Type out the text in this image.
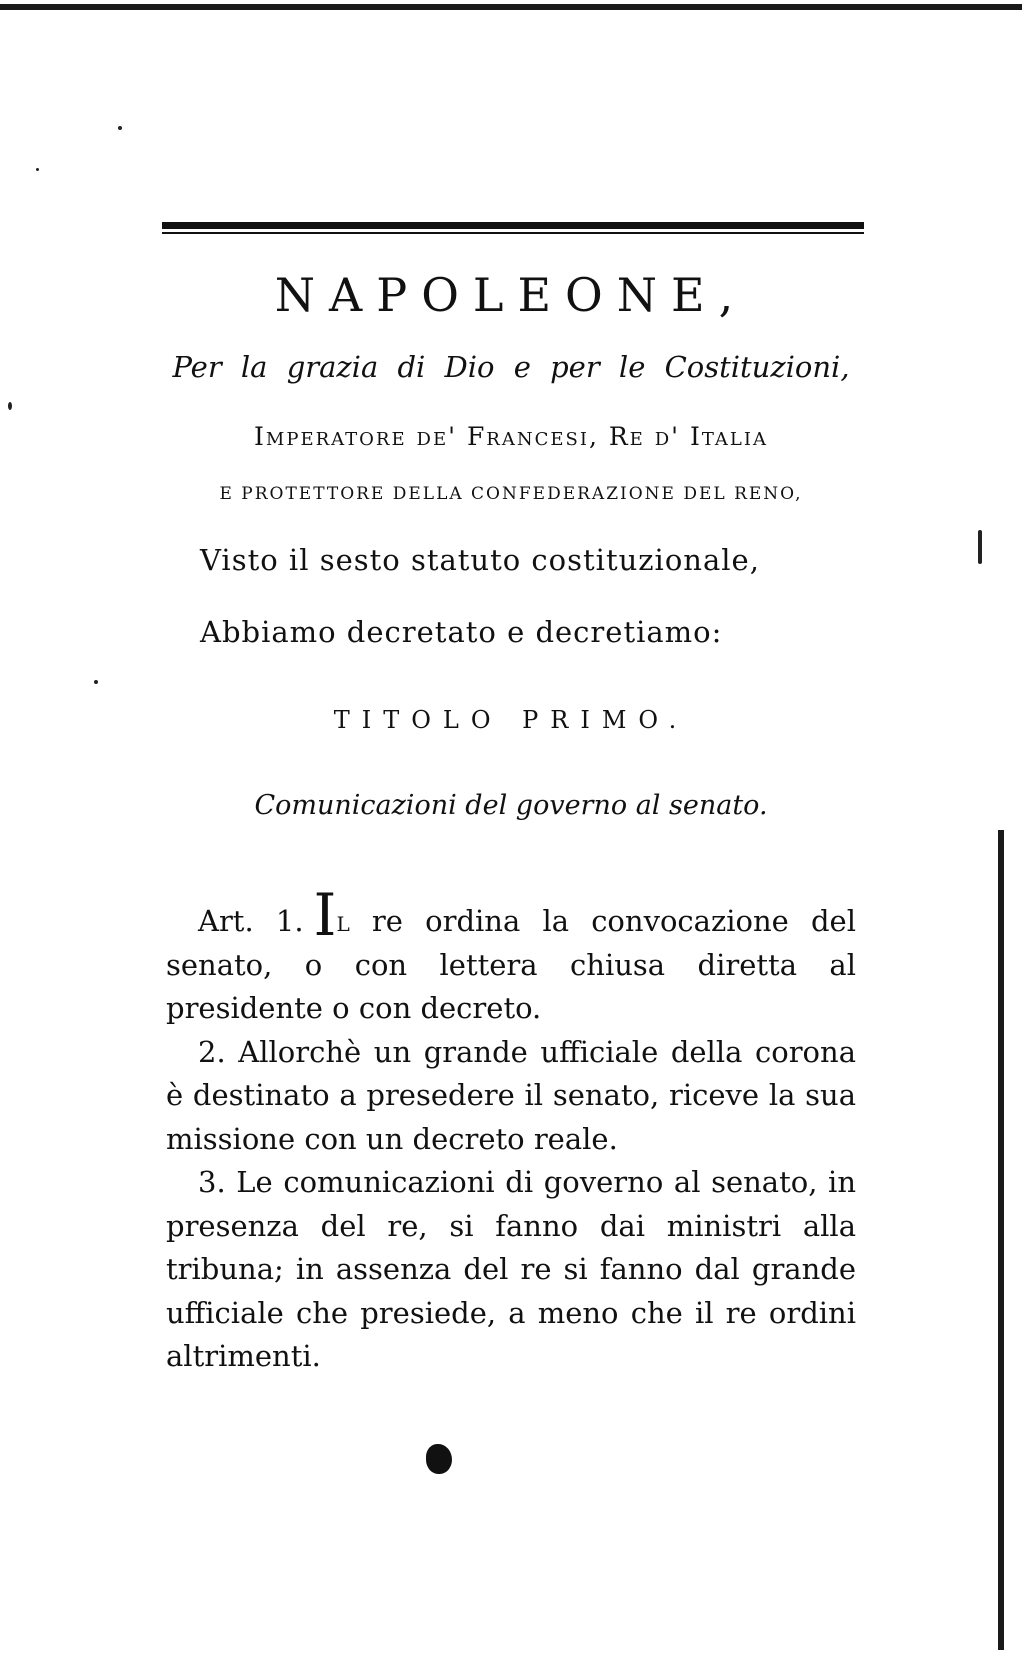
NAPOLEONE,
Per la grazia di Dio e per le Costituzioni,
Imperatore de' Francesi, Re d' Italia
E PROTETTORE DELLA CONFEDERAZIONE DEL RENO,
Visto il sesto statuto costituzionale,
Abbiamo decretato e decretiamo:
TITOLO PRIMO.
Comunicazioni del governo al senato.

Art. 1. Il re ordina la convocazione del senato, o con lettera chiusa diretta al presidente o con decreto.

2. Allorchè un grande ufficiale della corona è destinato a presedere il senato, riceve la sua missione con un decreto reale.

3. Le comunicazioni di governo al senato, in presenza del re, si fanno dai ministri alla tribuna; in assenza del re si fanno dal grande ufficiale che presiede, a meno che il re ordini altrimenti.
